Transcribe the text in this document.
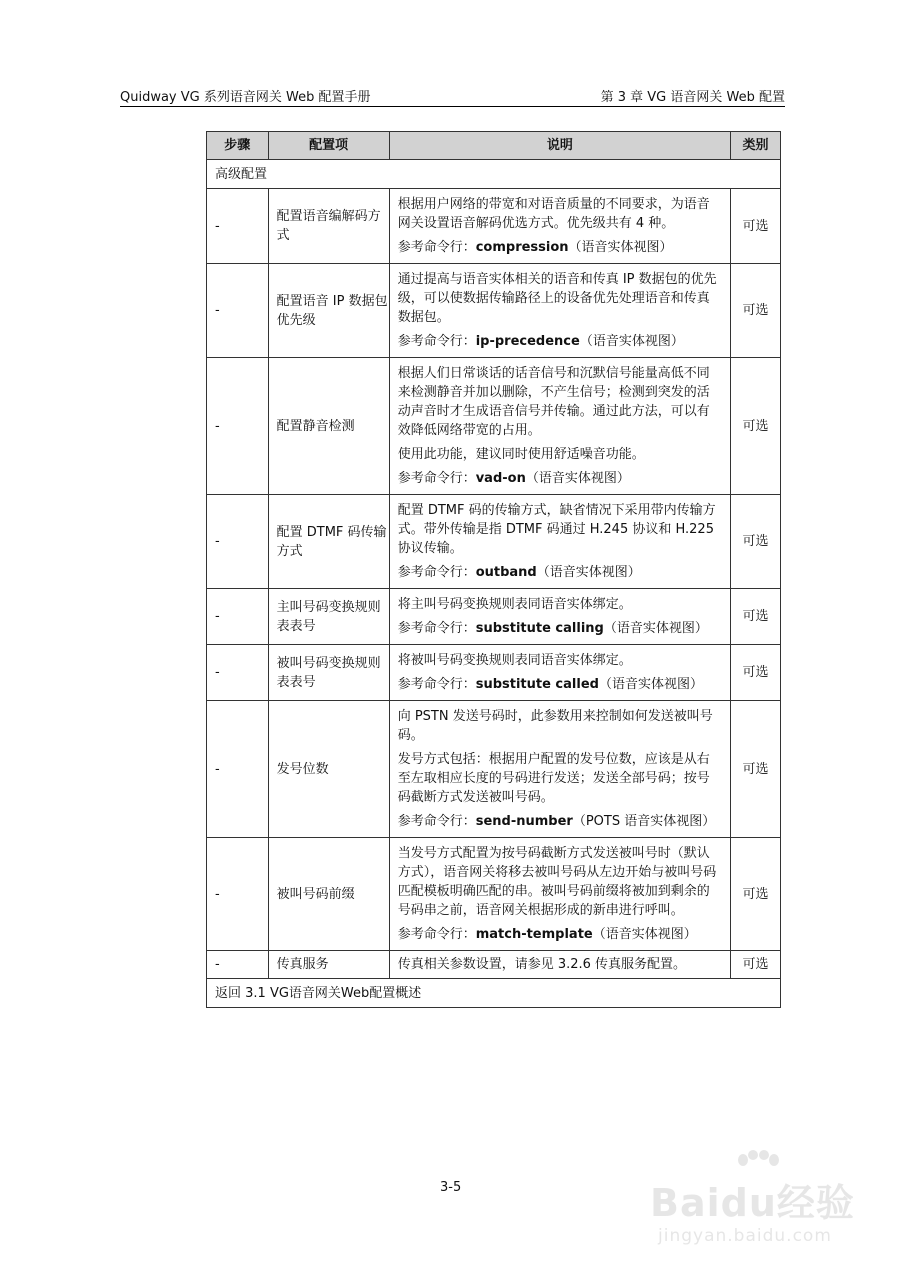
Quidway VG 系列语音网关 Web 配置手册	第 3 章 VG 语音网关 Web 配置
步骤	配置项	说明	类别
高级配置			
-	配置语音编解码方式	根据用户网络的带宽和对语音质量的不同要求，为语音网关设置语音解码优选方式。优先级共有 4 种。

参考命令行：compression（语音实体视图）	可选
-	配置语音 IP 数据包优先级	通过提高与语音实体相关的语音和传真 IP 数据包的优先级，可以使数据传输路径上的设备优先处理语音和传真数据包。

参考命令行：ip-precedence（语音实体视图）	可选
-	配置静音检测	根据人们日常谈话的话音信号和沉默信号能量高低不同来检测静音并加以删除，不产生信号；检测到突发的活动声音时才生成语音信号并传输。通过此方法，可以有效降低网络带宽的占用。

使用此功能，建议同时使用舒适噪音功能。

参考命令行：vad-on（语音实体视图）	可选
-	配置 DTMF 码传输方式	配置 DTMF 码的传输方式，缺省情况下采用带内传输方式。带外传输是指 DTMF 码通过 H.245 协议和 H.225 协议传输。

参考命令行：outband（语音实体视图）	可选
-	主叫号码变换规则表表号	将主叫号码变换规则表同语音实体绑定。

参考命令行：substitute calling（语音实体视图）	可选
-	被叫号码变换规则表表号	将被叫号码变换规则表同语音实体绑定。

参考命令行：substitute called（语音实体视图）	可选
-	发号位数	向 PSTN 发送号码时，此参数用来控制如何发送被叫号码。

发号方式包括：根据用户配置的发号位数，应该是从右至左取相应长度的号码进行发送；发送全部号码；按号码截断方式发送被叫号码。

参考命令行：send-number（POTS 语音实体视图）	可选
-	被叫号码前缀	当发号方式配置为按号码截断方式发送被叫号时（默认方式），语音网关将移去被叫号码从左边开始与被叫号码匹配模板明确匹配的串。被叫号码前缀将被加到剩余的号码串之前，语音网关根据形成的新串进行呼叫。

参考命令行：match-template（语音实体视图）	可选
-	传真服务	传真相关参数设置，请参见 3.2.6 传真服务配置。	可选
返回 3.1 VG语音网关Web配置概述			
3-5	Baidu经验
jingyan.baidu.com
